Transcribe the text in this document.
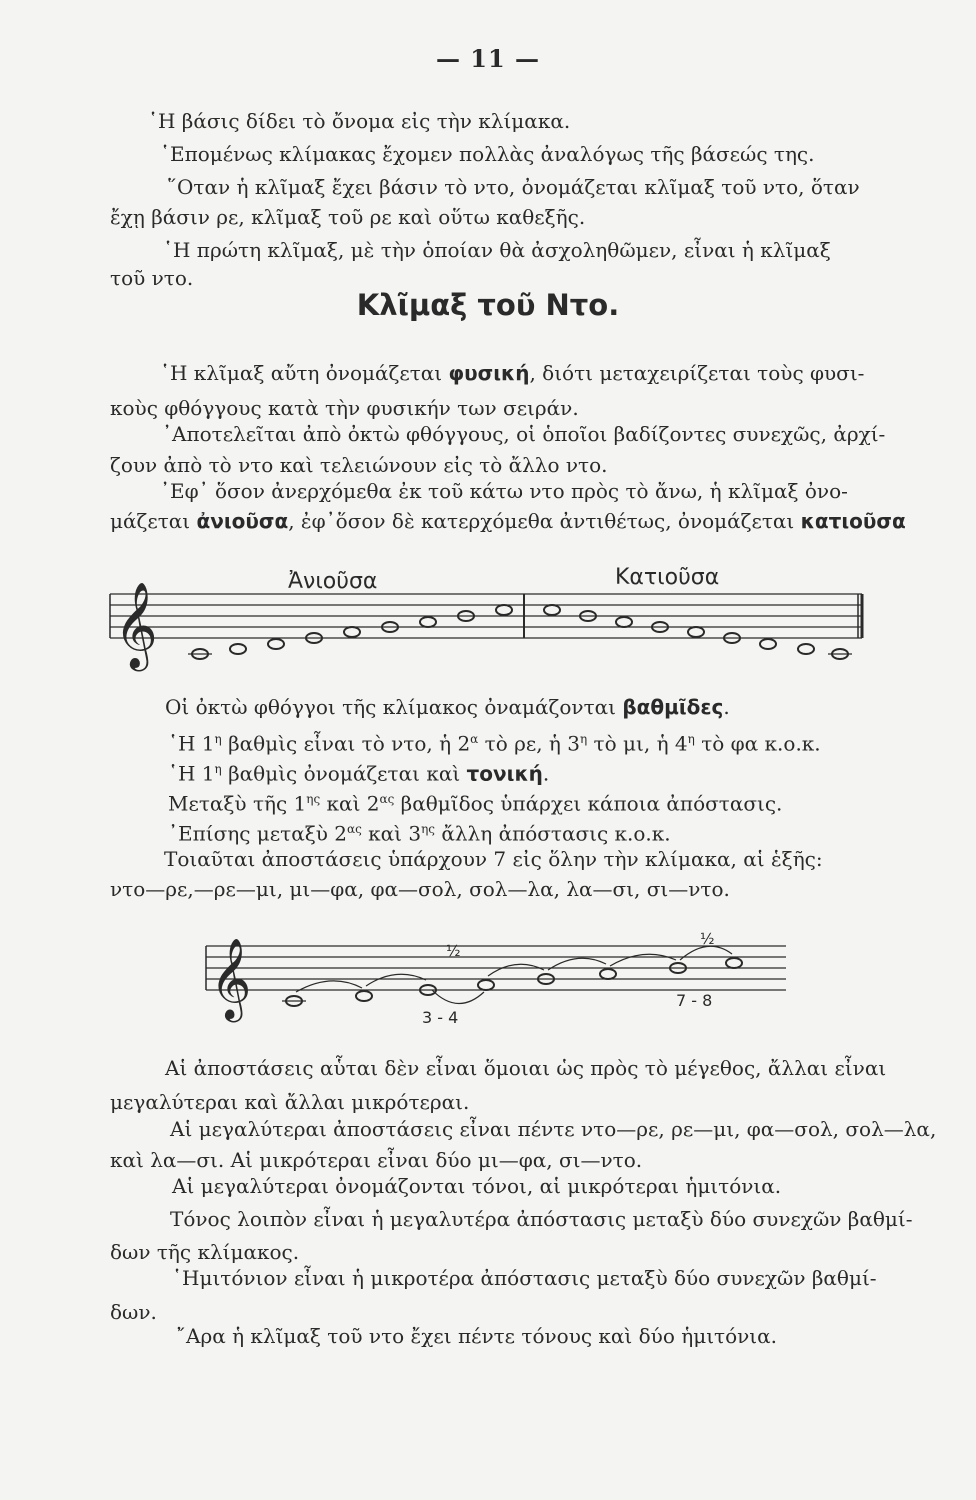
— 11 —
῾Η βάσις δίδει τὸ ὄνομα εἰς τὴν κλίμακα.
῾Επομένως κλίμακας ἔχομεν πολλὰς ἀναλόγως τῆς βάσεώς της.
῞Οταν ἡ κλῖμαξ ἔχει βάσιν τὸ ντο, ὀνομάζεται κλῖμαξ τοῦ ντο, ὅταν
ἔχῃ βάσιν ρε, κλῖμαξ τοῦ ρε καὶ οὕτω καθεξῆς.
῾Η πρώτη κλῖμαξ, μὲ τὴν ὁποίαν θὰ ἀσχοληθῶμεν, εἶναι ἡ κλῖμαξ
τοῦ ντο.
Κλῖμαξ τοῦ Ντο.
῾Η κλῖμαξ αὔτη ὀνομάζεται φυσική, διότι μεταχειρίζεται τοὺς φυσι-
κοὺς φθόγγους κατὰ τὴν φυσικήν των σειράν.
᾿Αποτελεῖται ἀπὸ ὀκτὼ φθόγγους, οἱ ὁποῖοι βαδίζοντες συνεχῶς, ἀρχί-
ζουν ἀπὸ τὸ ντο καὶ τελειώνουν εἰς τὸ ἄλλο ντο.
᾿Εφ᾿ ὅσον ἀνερχόμεθα ἐκ τοῦ κάτω ντο πρὸς τὸ ἄνω, ἡ κλῖμαξ ὀνο-
μάζεται ἀνιοῦσα, ἐφ᾿ὅσον δὲ κατερχόμεθα ἀντιθέτως, ὀνομάζεται κατιοῦσα
Ἀνιοῦσα	Κατιοῦσα
𝄞
Οἱ ὀκτὼ φθόγγοι τῆς κλίμακος ὀναμάζονται βαθμῖδες.
῾Η $1^\eta$ βαθμὶς εἶναι τὸ ντο, ἡ $2^\alpha$ τὸ ρε, ἡ $3^\eta$ τὸ μι, ἡ $4^\eta$ τὸ φα κ.ο.κ.
῾Η $1^\eta$ βαθμὶς ὀνομάζεται καὶ τονική.
Μεταξὺ τῆς $1^{\eta\varsigma}$ καὶ $2^{\alpha\varsigma}$ βαθμῖδος ὑπάρχει κάποια ἀπόστασις.
᾿Επίσης μεταξὺ $2^{\alpha\varsigma}$ καὶ $3^{\eta\varsigma}$ ἄλλη ἀπόστασις κ.ο.κ.
Τοιαῦται ἀποστάσεις ὑπάρχουν 7 εἰς ὅλην τὴν κλίμακα, αἱ ἑξῆς:
ντο—ρε,—ρε—μι, μι—φα, φα—σολ, σολ—λα, λα—σι, σι—ντο.
𝄞	½
½
3 - 4
7 - 8
Αἱ ἀποστάσεις αὗται δὲν εἶναι ὅμοιαι ὡς πρὸς τὸ μέγεθος, ἄλλαι εἶναι
μεγαλύτεραι καὶ ἄλλαι μικρότεραι.
Αἱ μεγαλύτεραι ἀποστάσεις εἶναι πέντε ντο—ρε, ρε—μι, φα—σολ, σολ—λα,
καὶ λα—σι. Αἱ μικρότεραι εἶναι δύο μι—φα, σι—ντο.
Αἱ μεγαλύτεραι ὀνομάζονται τόνοι, αἱ μικρότεραι ἡμιτόνια.
Τόνος λοιπὸν εἶναι ἡ μεγαλυτέρα ἀπόστασις μεταξὺ δύο συνεχῶν βαθμί-
δων τῆς κλίμακος.
῾Ημιτόνιον εἶναι ἡ μικροτέρα ἀπόστασις μεταξὺ δύο συνεχῶν βαθμί-
δων.
῎Αρα ἡ κλῖμαξ τοῦ ντο ἔχει πέντε τόνους καὶ δύο ἡμιτόνια.
